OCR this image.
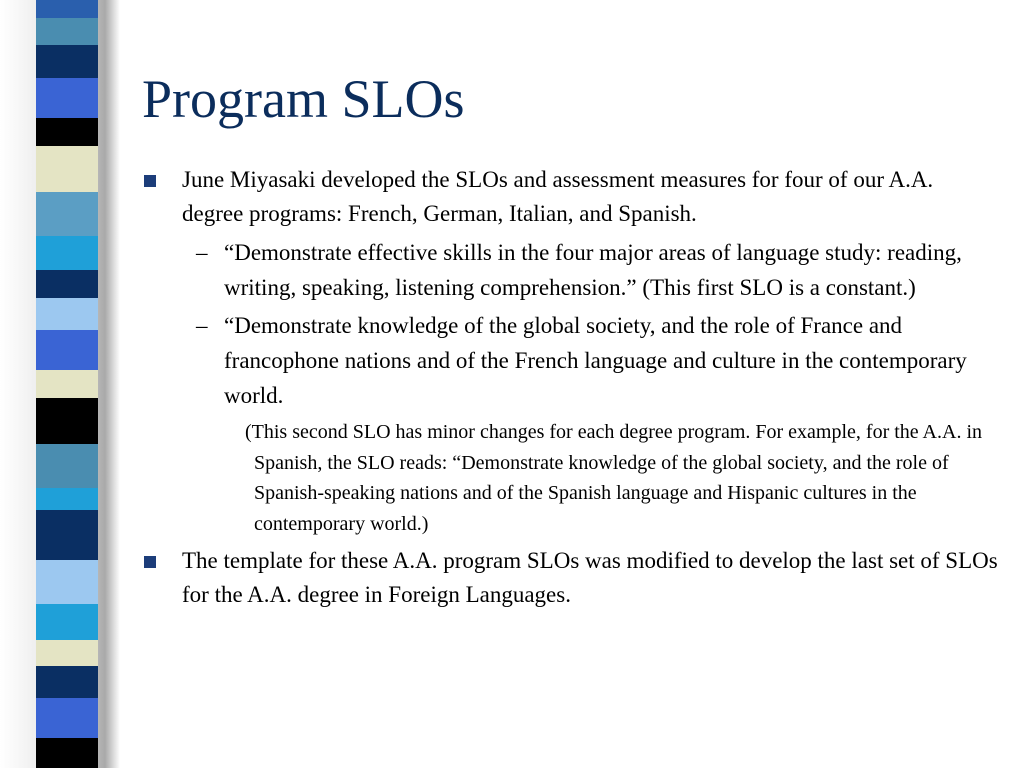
Program SLOs
June Miyasaki developed the SLOs and assessment measures for four of our A.A. degree programs: French, German, Italian, and Spanish.
– “Demonstrate effective skills in the four major areas of language study: reading, writing, speaking, listening comprehension.” (This first SLO is a constant.)
– “Demonstrate knowledge of the global society, and the role of France and francophone nations and of the French language and culture in the contemporary world.
(This second SLO has minor changes for each degree program. For example, for the A.A. in Spanish, the SLO reads: “Demonstrate knowledge of the global society, and the role of Spanish-speaking nations and of the Spanish language and Hispanic cultures in the contemporary world.)
The template for these A.A. program SLOs was modified to develop the last set of SLOs for the A.A. degree in Foreign Languages.
